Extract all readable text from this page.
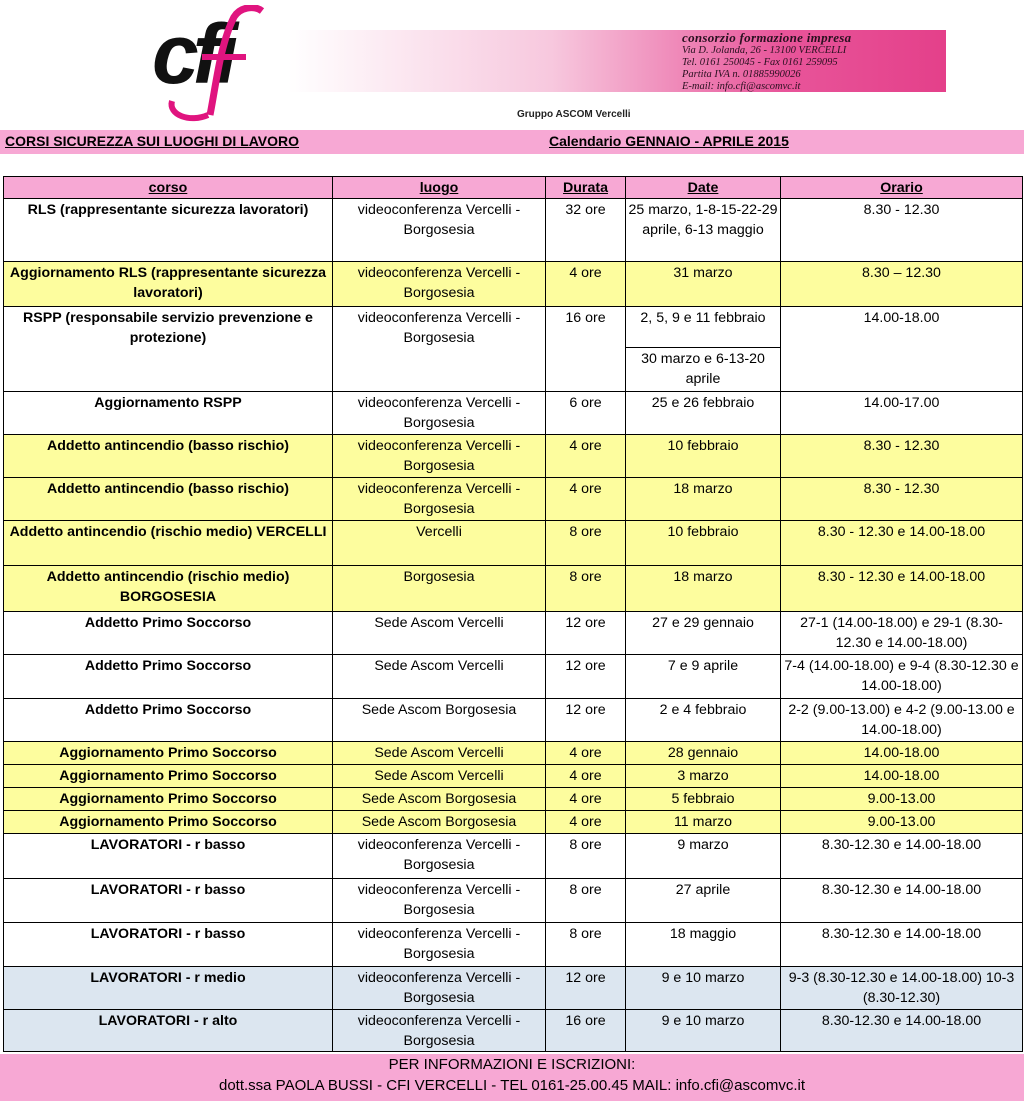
cfi	consorzio formazione impresa
Via D. Jolanda, 26 - 13100 VERCELLI
Tel. 0161 250045 - Fax 0161 259095
Partita IVA n. 01885990026
E-mail: info.cfi@ascomvc.it
Gruppo ASCOM Vercelli
CORSI SICUREZZA SUI LUOGHI DI LAVORO	Calendario GENNAIO - APRILE 2015
corso	luogo	Durata	Date	Orario
RLS (rappresentante sicurezza lavoratori)	videoconferenza Vercelli - Borgosesia	32 ore	25 marzo, 1-8-15-22-29 aprile, 6-13 maggio	8.30 - 12.30
Aggiornamento RLS (rappresentante sicurezza lavoratori)	videoconferenza Vercelli - Borgosesia	4 ore	31 marzo	8.30 – 12.30
RSPP (responsabile servizio prevenzione e protezione)	videoconferenza Vercelli - Borgosesia	16 ore	2, 5, 9 e 11 febbraio	14.00-18.00
			30 marzo e 6-13-20 aprile	
Aggiornamento RSPP	videoconferenza Vercelli - Borgosesia	6 ore	25 e 26 febbraio	14.00-17.00
Addetto antincendio (basso rischio)	videoconferenza Vercelli - Borgosesia	4 ore	10 febbraio	8.30 - 12.30
Addetto antincendio (basso rischio)	videoconferenza Vercelli - Borgosesia	4 ore	18 marzo	8.30 - 12.30
Addetto antincendio (rischio medio) VERCELLI	Vercelli	8 ore	10 febbraio	8.30 - 12.30 e 14.00-18.00
Addetto antincendio (rischio medio) BORGOSESIA	Borgosesia	8 ore	18 marzo	8.30 - 12.30 e 14.00-18.00
Addetto Primo Soccorso	Sede Ascom Vercelli	12 ore	27 e 29 gennaio	27-1 (14.00-18.00) e 29-1 (8.30-12.30 e 14.00-18.00)
Addetto Primo Soccorso	Sede Ascom Vercelli	12 ore	7 e 9 aprile	7-4 (14.00-18.00) e 9-4 (8.30-12.30 e 14.00-18.00)
Addetto Primo Soccorso	Sede Ascom Borgosesia	12 ore	2 e 4 febbraio	2-2 (9.00-13.00) e 4-2 (9.00-13.00 e 14.00-18.00)
Aggiornamento Primo Soccorso	Sede Ascom Vercelli	4 ore	28 gennaio	14.00-18.00
Aggiornamento Primo Soccorso	Sede Ascom Vercelli	4 ore	3 marzo	14.00-18.00
Aggiornamento Primo Soccorso	Sede Ascom Borgosesia	4 ore	5 febbraio	9.00-13.00
Aggiornamento Primo Soccorso	Sede Ascom Borgosesia	4 ore	11 marzo	9.00-13.00
LAVORATORI - r basso	videoconferenza Vercelli - Borgosesia	8 ore	9 marzo	8.30-12.30 e 14.00-18.00
LAVORATORI - r basso	videoconferenza Vercelli - Borgosesia	8 ore	27 aprile	8.30-12.30 e 14.00-18.00
LAVORATORI - r basso	videoconferenza Vercelli - Borgosesia	8 ore	18 maggio	8.30-12.30 e 14.00-18.00
LAVORATORI - r medio	videoconferenza Vercelli - Borgosesia	12 ore	9 e 10 marzo	9-3 (8.30-12.30 e 14.00-18.00) 10-3 (8.30-12.30)
LAVORATORI - r alto	videoconferenza Vercelli - Borgosesia	16 ore	9 e 10 marzo	8.30-12.30 e 14.00-18.00
PER INFORMAZIONI E ISCRIZIONI:
dott.ssa PAOLA BUSSI - CFI VERCELLI - TEL 0161-25.00.45 MAIL: info.cfi@ascomvc.it
